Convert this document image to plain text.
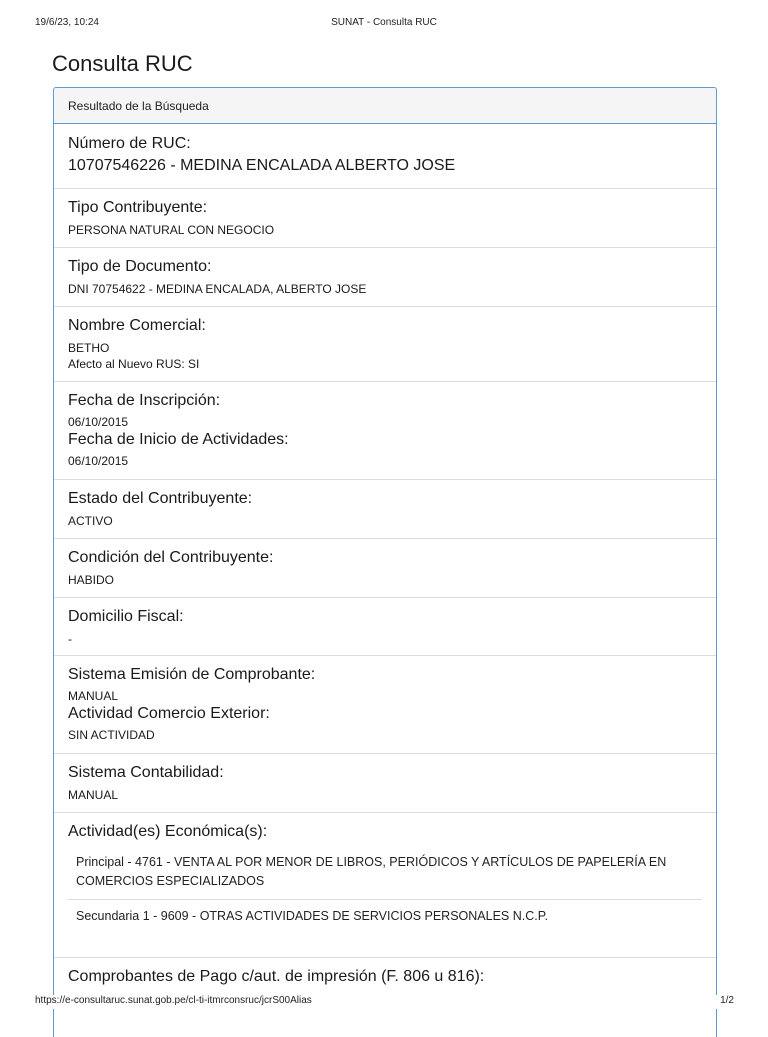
19/6/23, 10:24	SUNAT - Consulta RUC
Consulta RUC
Resultado de la Búsqueda
Número de RUC:
10707546226 - MEDINA ENCALADA ALBERTO JOSE
Tipo Contribuyente:
PERSONA NATURAL CON NEGOCIO
Tipo de Documento:
DNI 70754622 - MEDINA ENCALADA, ALBERTO JOSE
Nombre Comercial:
BETHO
Afecto al Nuevo RUS: SI
Fecha de Inscripción:
06/10/2015
Fecha de Inicio de Actividades:
06/10/2015
Estado del Contribuyente:
ACTIVO
Condición del Contribuyente:
HABIDO
Domicilio Fiscal:
-
Sistema Emisión de Comprobante:
MANUAL
Actividad Comercio Exterior:
SIN ACTIVIDAD
Sistema Contabilidad:
MANUAL
Actividad(es) Económica(s):
Principal - 4761 - VENTA AL POR MENOR DE LIBROS, PERIÓDICOS Y ARTÍCULOS DE PAPELERÍA EN COMERCIOS ESPECIALIZADOS
Secundaria 1 - 9609 - OTRAS ACTIVIDADES DE SERVICIOS PERSONALES N.C.P.
Comprobantes de Pago c/aut. de impresión (F. 806 u 816):
https://e-consultaruc.sunat.gob.pe/cl-ti-itmrconsruc/jcrS00Alias	1/2
